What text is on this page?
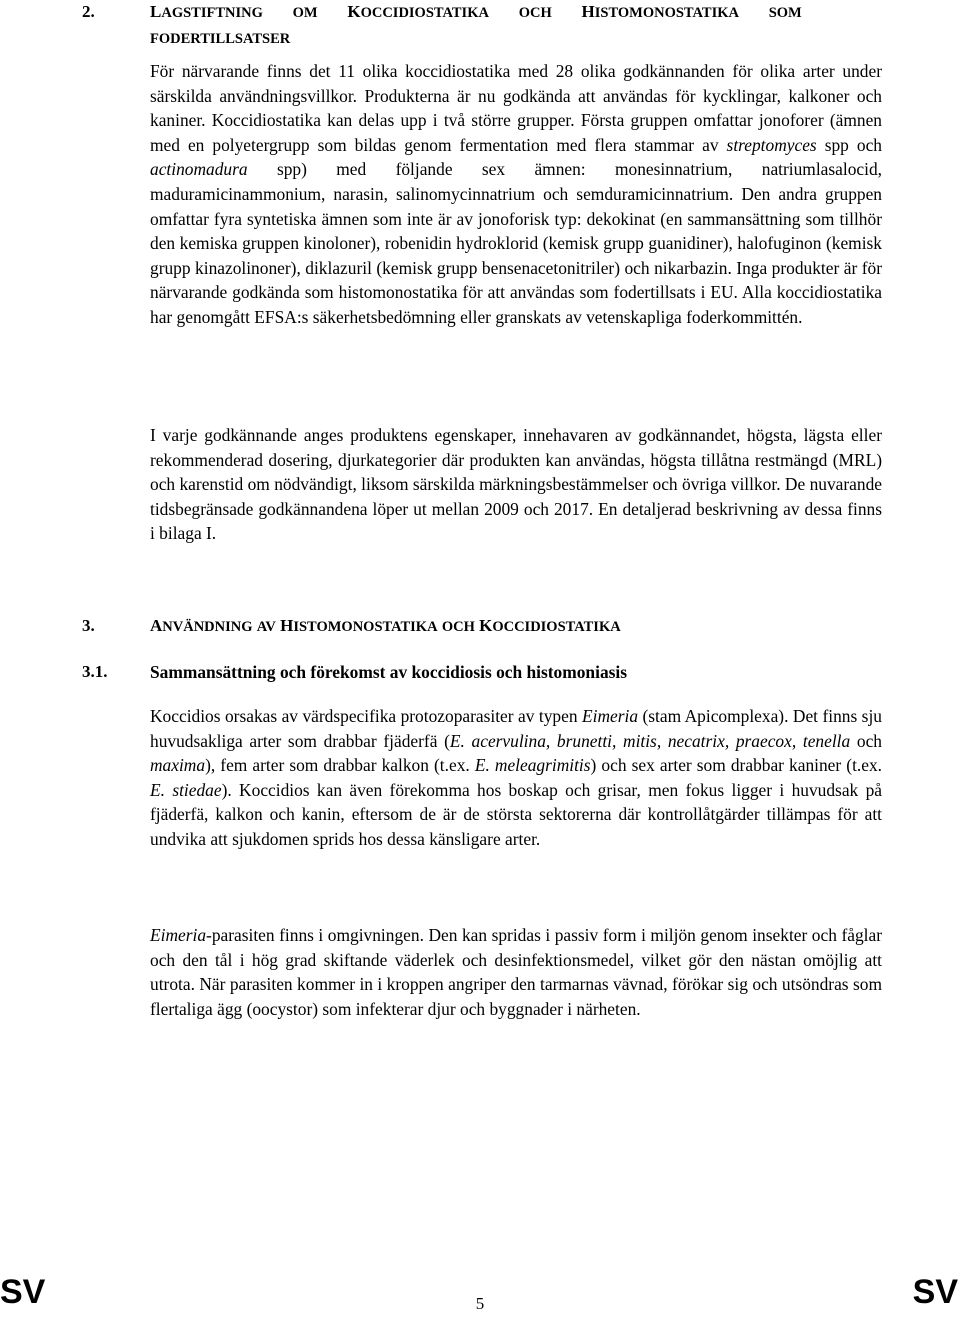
2.	LAGSTIFTNING OM KOCCIDIOSTATIKA OCH HISTOMONOSTATIKA SOM
FODERTILLSATSER

För närvarande finns det 11 olika koccidiostatika med 28 olika godkännanden för olika arter under särskilda användningsvillkor. Produkterna är nu godkända att användas för kycklingar, kalkoner och kaniner. Koccidiostatika kan delas upp i två större grupper. Första gruppen omfattar jonoforer (ämnen med en polyetergrupp som bildas genom fermentation med flera stammar av streptomyces spp och actinomadura spp) med följande sex ämnen: monesinnatrium, natriumlasalocid, maduramicinammonium, narasin, salinomycinnatrium och semduramicinnatrium. Den andra gruppen omfattar fyra syntetiska ämnen som inte är av jonoforisk typ: dekokinat (en sammansättning som tillhör den kemiska gruppen kinoloner), robenidin hydroklorid (kemisk grupp guanidiner), halofuginon (kemisk grupp kinazolinoner), diklazuril (kemisk grupp bensenacetonitriler) och nikarbazin. Inga produkter är för närvarande godkända som histomonostatika för att användas som fodertillsats i EU. Alla koccidiostatika har genomgått EFSA:s säkerhetsbedömning eller granskats av vetenskapliga foderkommittén.

I varje godkännande anges produktens egenskaper, innehavaren av godkännandet, högsta, lägsta eller rekommenderad dosering, djurkategorier där produkten kan användas, högsta tillåtna restmängd (MRL) och karenstid om nödvändigt, liksom särskilda märkningsbestämmelser och övriga villkor. De nuvarande tidsbegränsade godkännandena löper ut mellan 2009 och 2017. En detaljerad beskrivning av dessa finns i bilaga I.

3.	ANVÄNDNING AV HISTOMONOSTATIKA OCH KOCCIDIOSTATIKA
3.1. Sammansättning och förekomst av koccidiosis och histomoniasis

Koccidios orsakas av värdspecifika protozoparasiter av typen Eimeria (stam Apicomplexa). Det finns sju huvudsakliga arter som drabbar fjäderfä (E. acervulina, brunetti, mitis, necatrix, praecox, tenella och maxima), fem arter som drabbar kalkon (t.ex. E. meleagrimitis) och sex arter som drabbar kaniner (t.ex. E. stiedae). Koccidios kan även förekomma hos boskap och grisar, men fokus ligger i huvudsak på fjäderfä, kalkon och kanin, eftersom de är de största sektorerna där kontrollåtgärder tillämpas för att undvika att sjukdomen sprids hos dessa känsligare arter.

Eimeria-parasiten finns i omgivningen. Den kan spridas i passiv form i miljön genom insekter och fåglar och den tål i hög grad skiftande väderlek och desinfektionsmedel, vilket gör den nästan omöjlig att utrota. När parasiten kommer in i kroppen angriper den tarmarnas vävnad, förökar sig och utsöndras som flertaliga ägg (oocystor) som infekterar djur och byggnader i närheten.

SV	5	SV
